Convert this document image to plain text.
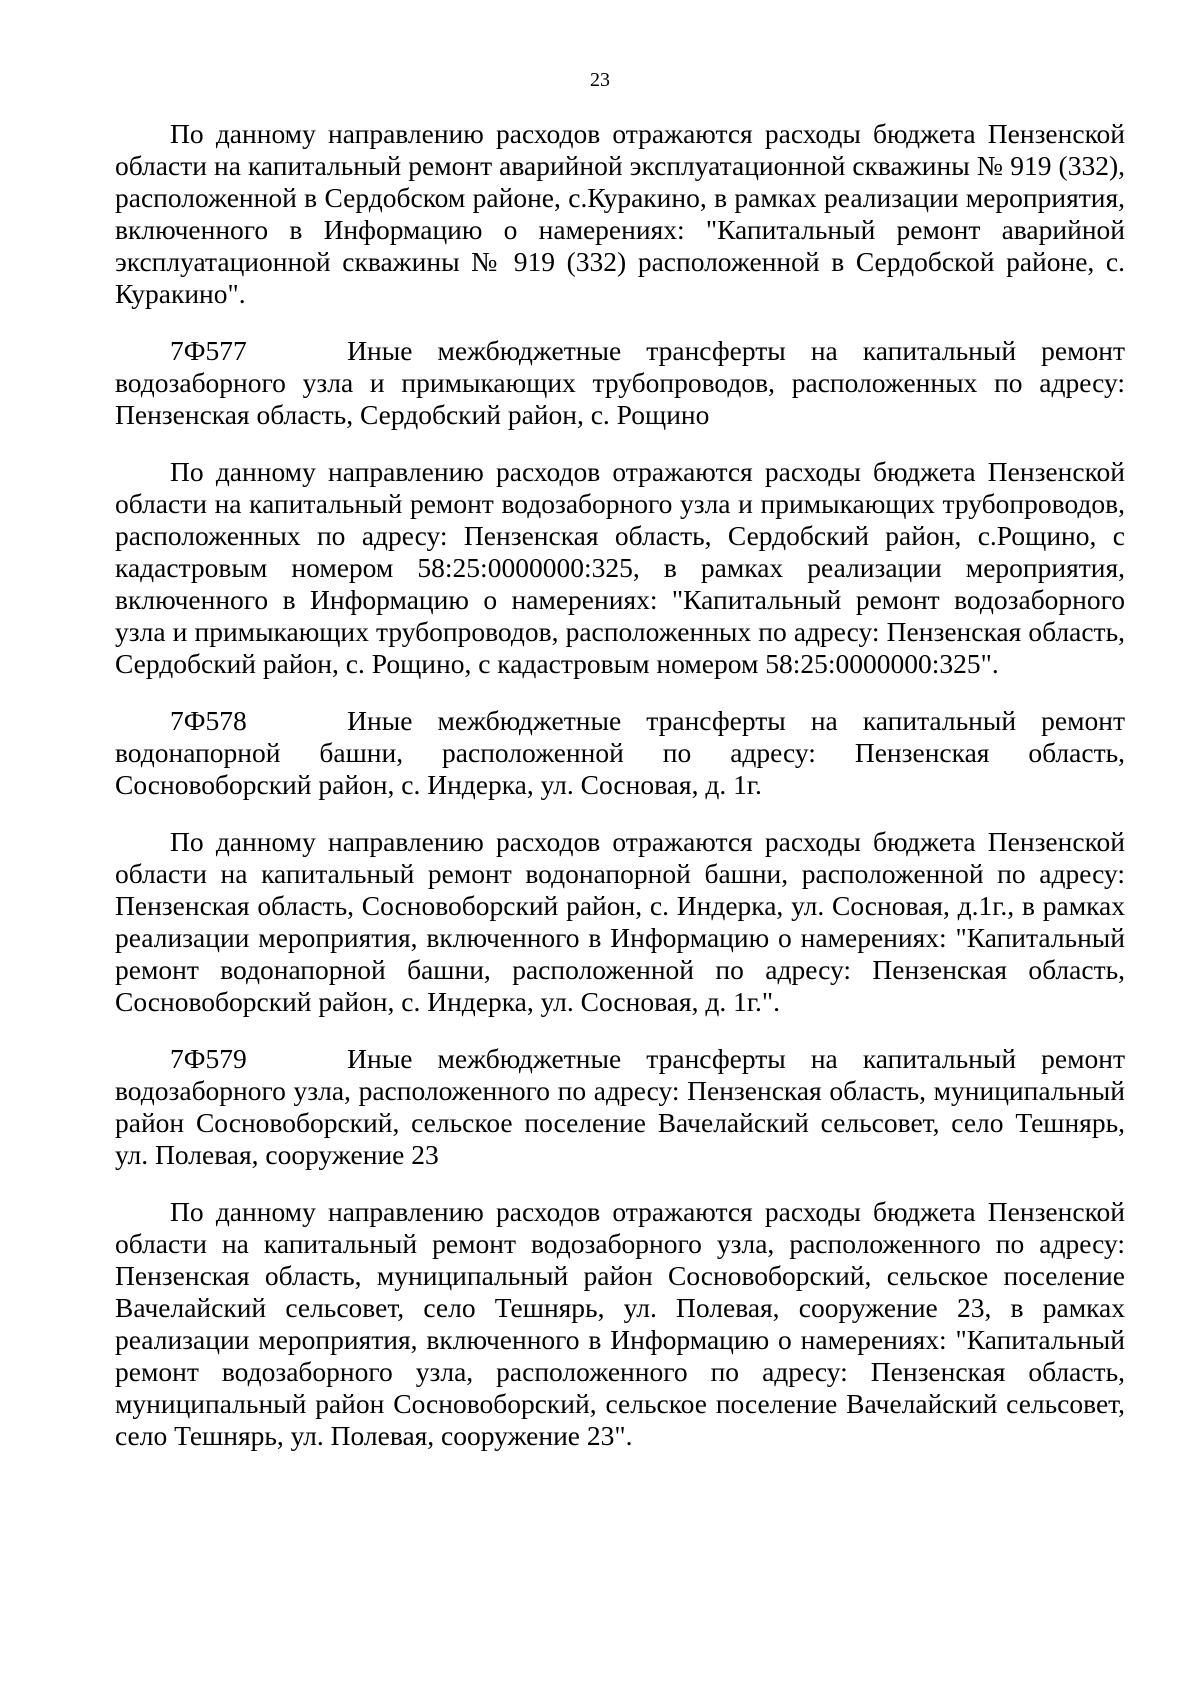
23

По данному направлению расходов отражаются расходы бюджета Пензенской области на капитальный ремонт аварийной эксплуатационной скважины № 919 (332), расположенной в Сердобском районе, с.Куракино, в рамках реализации мероприятия, включенного в Информацию о намерениях: "Капитальный ремонт аварийной эксплуатационной скважины № 919 (332) расположенной в Сердобской районе, с. Куракино".

7Ф577	Иные межбюджетные трансферты на капитальный ремонт водозаборного узла и примыкающих трубопроводов, расположенных по адресу: Пензенская область, Сердобский район, с. Рощино

По данному направлению расходов отражаются расходы бюджета Пензенской области на капитальный ремонт водозаборного узла и примыкающих трубопроводов, расположенных по адресу: Пензенская область, Сердобский район, с.Рощино, с кадастровым номером 58:25:0000000:325, в рамках реализации мероприятия, включенного в Информацию о намерениях: "Капитальный ремонт водозаборного узла и примыкающих трубопроводов, расположенных по адресу: Пензенская область, Сердобский район, с. Рощино, с кадастровым номером 58:25:0000000:325".

7Ф578	Иные межбюджетные трансферты на капитальный ремонт водонапорной башни, расположенной по адресу: Пензенская область, Сосновоборский район, с. Индерка, ул. Сосновая, д. 1г.

По данному направлению расходов отражаются расходы бюджета Пензенской области на капитальный ремонт водонапорной башни, расположенной по адресу: Пензенская область, Сосновоборский район, с. Индерка, ул. Сосновая, д.1г., в рамках реализации мероприятия, включенного в Информацию о намерениях: "Капитальный ремонт водонапорной башни, расположенной по адресу: Пензенская область, Сосновоборский район, с. Индерка, ул. Сосновая, д. 1г.".

7Ф579	Иные межбюджетные трансферты на капитальный ремонт водозаборного узла, расположенного по адресу: Пензенская область, муниципальный район Сосновоборский, сельское поселение Вачелайский сельсовет, село Тешнярь, ул. Полевая, сооружение 23

По данному направлению расходов отражаются расходы бюджета Пензенской области на капитальный ремонт водозаборного узла, расположенного по адресу: Пензенская область, муниципальный район Сосновоборский, сельское поселение Вачелайский сельсовет, село Тешнярь, ул. Полевая, сооружение 23, в рамках реализации мероприятия, включенного в Информацию о намерениях: "Капитальный ремонт водозаборного узла, расположенного по адресу: Пензенская область, муниципальный район Сосновоборский, сельское поселение Вачелайский сельсовет, село Тешнярь, ул. Полевая, сооружение 23".
